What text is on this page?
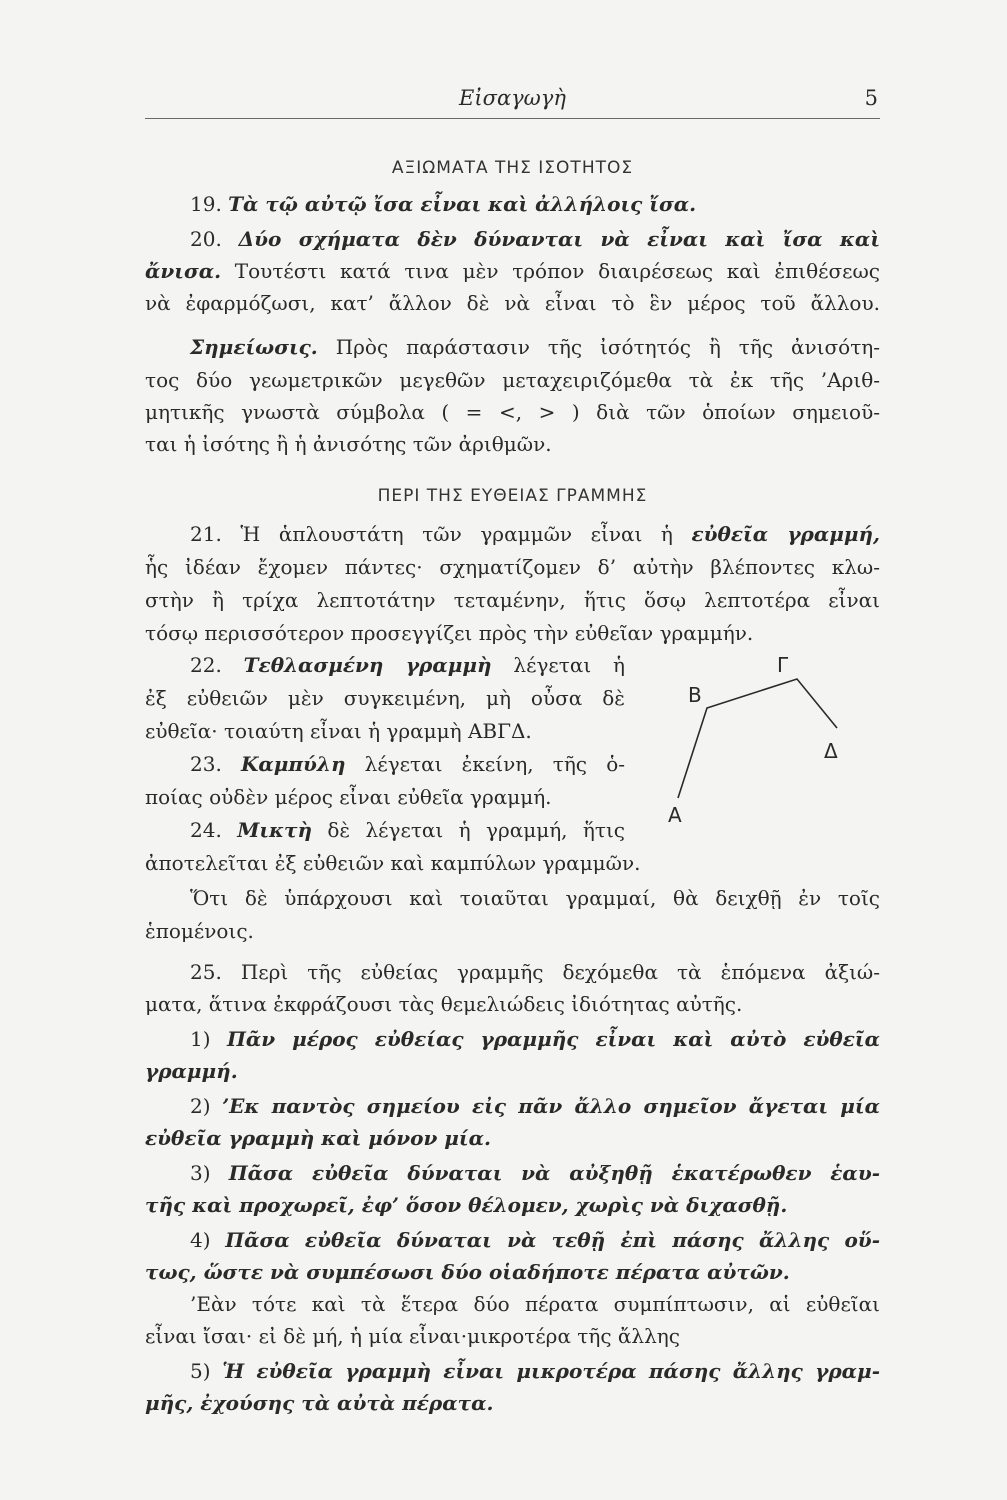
Εἰσαγωγὴ	5
ΑΞΙΩΜΑΤΑ ΤΗΣ ΙΣΟΤΗΤΟΣ
19. Τὰ τῷ αὐτῷ ἴσα εἶναι καὶ ἀλλήλοις ἴσα.
20. Δύο σχήματα δὲν δύνανται νὰ εἶναι καὶ ἴσα καὶ
ἄνισα. Τουτέστι κατά τινα μὲν τρόπον διαιρέσεως καὶ ἐπιθέσεως
νὰ ἐφαρμόζωσι, κατ’ ἄλλον δὲ νὰ εἶναι τὸ ἓν μέρος τοῦ ἄλλου.
Σημείωσις. Πρὸς παράστασιν τῆς ἰσότητός ἢ τῆς ἀνισότη-
τος δύο γεωμετρικῶν μεγεθῶν μεταχειριζόμεθα τὰ ἐκ τῆς ’Αριθ-
μητικῆς γνωστὰ σύμβολα ( = <, > ) διὰ τῶν ὁποίων σημειοῦ-
ται ἡ ἰσότης ἢ ἡ ἀνισότης τῶν ἀριθμῶν.
ΠΕΡΙ ΤΗΣ ΕΥΘΕΙΑΣ ΓΡΑΜΜΗΣ
21. Ἡ ἁπλουστάτη τῶν γραμμῶν εἶναι ἡ εὐθεῖα γραμμή,
ἧς ἰδέαν ἔχομεν πάντες· σχηματίζομεν δ’ αὐτὴν βλέποντες κλω-
στὴν ἢ τρίχα λεπτοτάτην τεταμένην, ἥτις ὅσῳ λεπτοτέρα εἶναι
τόσῳ περισσότερον προσεγγίζει πρὸς τὴν εὐθεῖαν γραμμήν.
22. Τεθλασμένη γραμμὴ λέγεται ἡ
ἐξ εὐθειῶν μὲν συγκειμένη, μὴ οὖσα δὲ
εὐθεῖα· τοιαύτη εἶναι ἡ γραμμὴ ΑΒΓΔ.
23. Καμπύλη λέγεται ἐκείνη, τῆς ὁ-
ποίας οὐδὲν μέρος εἶναι εὐθεῖα γραμμή.
24. Μικτὴ δὲ λέγεται ἡ γραμμή, ἥτις
ἀποτελεῖται ἐξ εὐθειῶν καὶ καμπύλων γραμμῶν.
Ὅτι δὲ ὑπάρχουσι καὶ τοιαῦται γραμμαί, θὰ δειχθῇ ἐν τοῖς
ἑπομένοις.
25. Περὶ τῆς εὐθείας γραμμῆς δεχόμεθα τὰ ἑπόμενα ἀξιώ-
ματα, ἅτινα ἐκφράζουσι τὰς θεμελιώδεις ἰδιότητας αὐτῆς.
1) Πᾶν μέρος εὐθείας γραμμῆς εἶναι καὶ αὐτὸ εὐθεῖα
γραμμή.
2) ’Εκ παντὸς σημείου εἰς πᾶν ἄλλο σημεῖον ἄγεται μία
εὐθεῖα γραμμὴ καὶ μόνον μία.
3) Πᾶσα εὐθεῖα δύναται νὰ αὐξηθῇ ἑκατέρωθεν ἑαυ-
τῆς καὶ προχωρεῖ, ἐφ’ ὅσον θέλομεν, χωρὶς νὰ διχασθῇ.
4) Πᾶσα εὐθεῖα δύναται νὰ τεθῇ ἐπὶ πάσης ἄλλης οὕ-
τως, ὥστε νὰ συμπέσωσι δύο οἱαδήποτε πέρατα αὐτῶν.
’Εὰν τότε καὶ τὰ ἕτερα δύο πέρατα συμπίπτωσιν, αἱ εὐθεῖαι
εἶναι ἴσαι· εἰ δὲ μή, ἡ μία εἶναι·μικροτέρα τῆς ἄλλης
5) Ἡ εὐθεῖα γραμμὴ εἶναι μικροτέρα πάσης ἄλλης γραμ-
μῆς, ἐχούσης τὰ αὐτὰ πέρατα.
Α
Β
Γ
Δ
